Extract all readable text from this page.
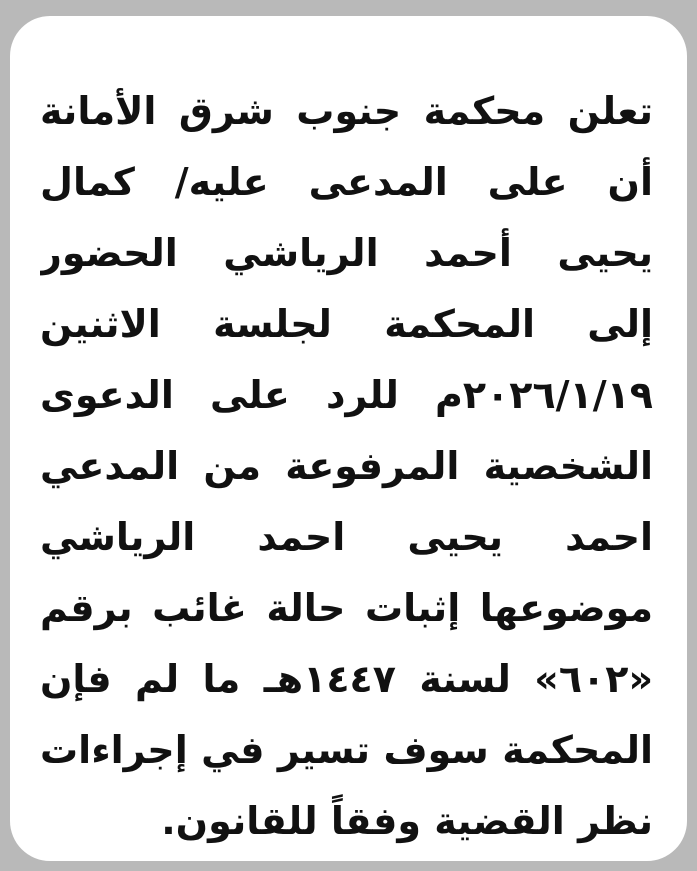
تعلن محكمة جنوب شرق الأمانة
أن على المدعى عليه/ كمال
يحيى أحمد الرياشي الحضور
إلى المحكمة لجلسة الاثنين
٢٠٢٦/١/١٩م للرد على الدعوى
الشخصية المرفوعة من المدعي
احمد يحيى احمد الرياشي
موضوعها إثبات حالة غائب برقم
«٦٠٢» لسنة ١٤٤٧هـ ما لم فإن
المحكمة سوف تسير في إجراءات
نظر القضية وفقاً للقانون.
